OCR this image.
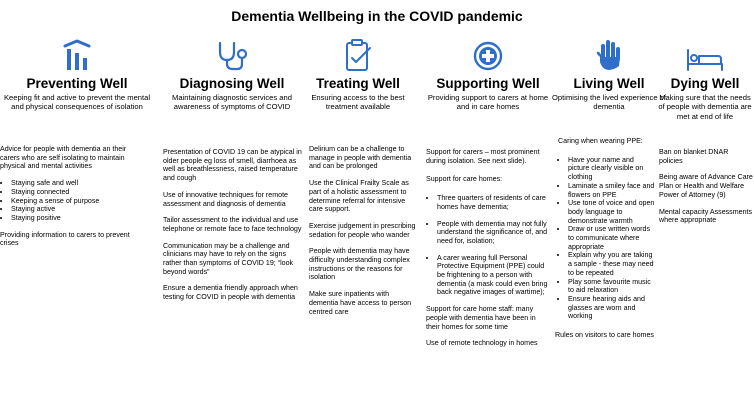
Dementia Wellbeing in the COVID pandemic
Preventing Well
Keeping fit and active to prevent the mental and physical consequences of isolation

Advice for people with dementia an their carers who are self isolating to maintain physical and mental activities

• Staying safe and well
• Staying connected
• Keeping a sense of purpose
• Staying active
• Staying positive

Providing information to carers to prevent crises

Diagnosing Well
Maintaining diagnostic services and awareness of symptoms of COVID

Presentation of COVID 19 can be atypical in older people eg loss of smell, diarrhoea as well as breathlessness, raised temperature and cough

Use of innovative techniques for remote assessment and diagnosis of dementia

Tailor assessment to the individual and use telephone or remote face to face technology

Communication may be a challenge and clinicians may have to rely on the signs rather than symptoms of COVID 19; “look beyond words”

Ensure a dementia friendly approach when testing for COVID in people with dementia

Treating Well
Ensuring access to the best treatment available

Delirium can be a challenge to manage in people with dementia and can be prolonged

Use the Clinical Frailty Scale as part of a holistic assessment to determine referral for intensive care support.

Exercise judgement in prescribing sedation for people who wander

People with dementia may have difficulty understanding complex instructions or the reasons for isolation

Make sure inpatients with dementia have access to person centred care

Supporting Well
Providing support to carers at home and in care homes

Support for carers – most prominent during isolation. See next slide).

Support for care homes:

• Three quarters of residents of care homes have dementia;
• People with dementia may not fully understand the significance of, and need for, isolation;
• A carer wearing full Personal Protective Equipment (PPE) could be frightening to a person with dementia (a mask could even bring back negative images of wartime);

Support for care home staff: many people with dementia have been in their homes for some time

Use of remote technology in homes

Living Well
Optimising the lived experience of dementia

Caring when wearing PPE:

• Have your name and picture clearly visible on clothing
• Laminate a smiley face and flowers on PPE
• Use tone of voice and open body language to demonstrate warmth
• Draw or use written words to communicate where appropriate
• Explain why you are taking a sample - these may need to be repeated
• Play some favourite music to aid relaxation
• Ensure hearing aids and glasses are worn and working

Rules on visitors to care homes

Dying Well
Making sure that the needs of people with dementia are met at end of life

Ban on blanket DNAR policies

Being aware of Advance Care Plan or Health and Welfare Power of Attorney (9)

Mental capacity Assessments where appropriate
